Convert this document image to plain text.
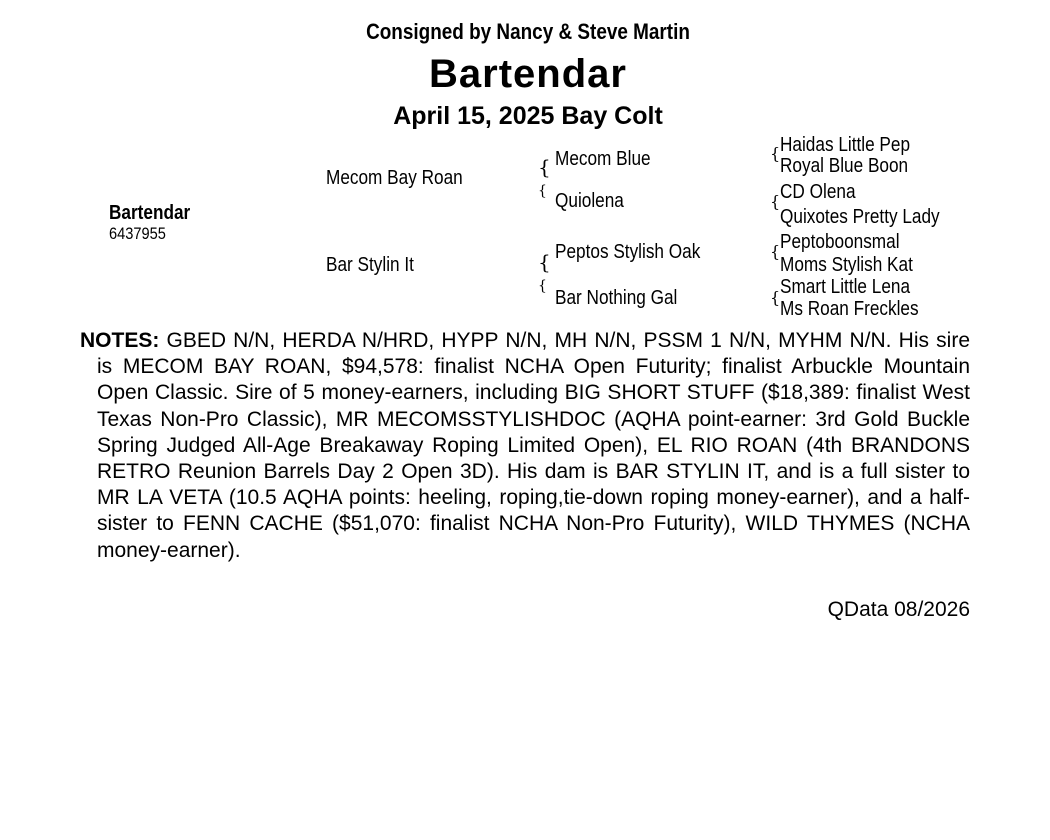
Consigned by Nancy & Steve Martin
Bartendar
April 15, 2025 Bay Colt
Bartendar
6437955
Mecom Bay Roan
Bar Stylin It
{
{
{
{
Mecom Blue
Quiolena
Peptos Stylish Oak
Bar Nothing Gal
{
{
{
{
Haidas Little Pep
Royal Blue Boon
CD Olena
Quixotes Pretty Lady
Peptoboonsmal
Moms Stylish Kat
Smart Little Lena
Ms Roan Freckles
NOTES: GBED N/N, HERDA N/HRD, HYPP N/N, MH N/N, PSSM 1 N/N, MYHM N/N. His sire is MECOM BAY ROAN, $94,578: finalist NCHA Open Futurity; finalist Arbuckle Mountain Open Classic. Sire of 5 money-earners, including BIG SHORT STUFF ($18,389: finalist West Texas Non-Pro Classic), MR MECOMSSTYLISHDOC (AQHA point-earner: 3rd Gold Buckle Spring Judged All-Age Breakaway Roping Limited Open), EL RIO ROAN (4th BRANDONS RETRO Reunion Barrels Day 2 Open 3D). His dam is BAR STYLIN IT, and is a full sister to MR LA VETA (10.5 AQHA points: heeling, roping,tie-down roping money-earner), and a half-sister to FENN CACHE ($51,070: finalist NCHA Non-Pro Futurity), WILD THYMES (NCHA money-earner).
QData 08/2026
